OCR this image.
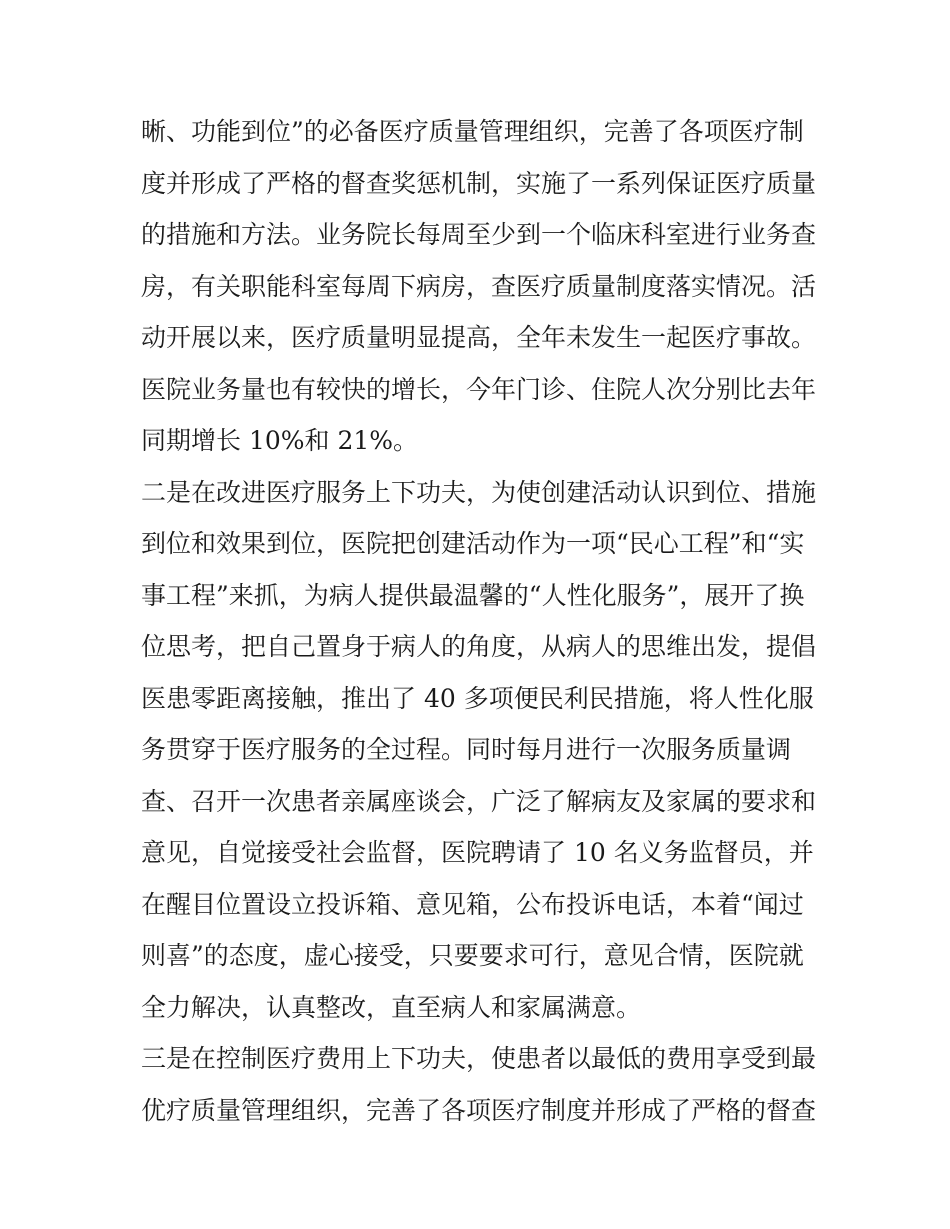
晰、功能到位”的必备医疗质量管理组织，完善了各项医疗制
度并形成了严格的督查奖惩机制，实施了一系列保证医疗质量
的措施和方法。业务院长每周至少到一个临床科室进行业务查
房，有关职能科室每周下病房，查医疗质量制度落实情况。活
动开展以来，医疗质量明显提高，全年未发生一起医疗事故。
医院业务量也有较快的增长，今年门诊、住院人次分别比去年
同期增长 10%和 21%。
二是在改进医疗服务上下功夫，为使创建活动认识到位、措施
到位和效果到位，医院把创建活动作为一项“民心工程”和“实
事工程”来抓，为病人提供最温馨的“人性化服务”，展开了换
位思考，把自己置身于病人的角度，从病人的思维出发，提倡
医患零距离接触，推出了 40 多项便民利民措施，将人性化服
务贯穿于医疗服务的全过程。同时每月进行一次服务质量调
查、召开一次患者亲属座谈会，广泛了解病友及家属的要求和
意见，自觉接受社会监督，医院聘请了 10 名义务监督员，并
在醒目位置设立投诉箱、意见箱，公布投诉电话，本着“闻过
则喜”的态度，虚心接受，只要要求可行，意见合情，医院就
全力解决，认真整改，直至病人和家属满意。
三是在控制医疗费用上下功夫，使患者以最低的费用享受到最
优疗质量管理组织，完善了各项医疗制度并形成了严格的督查
